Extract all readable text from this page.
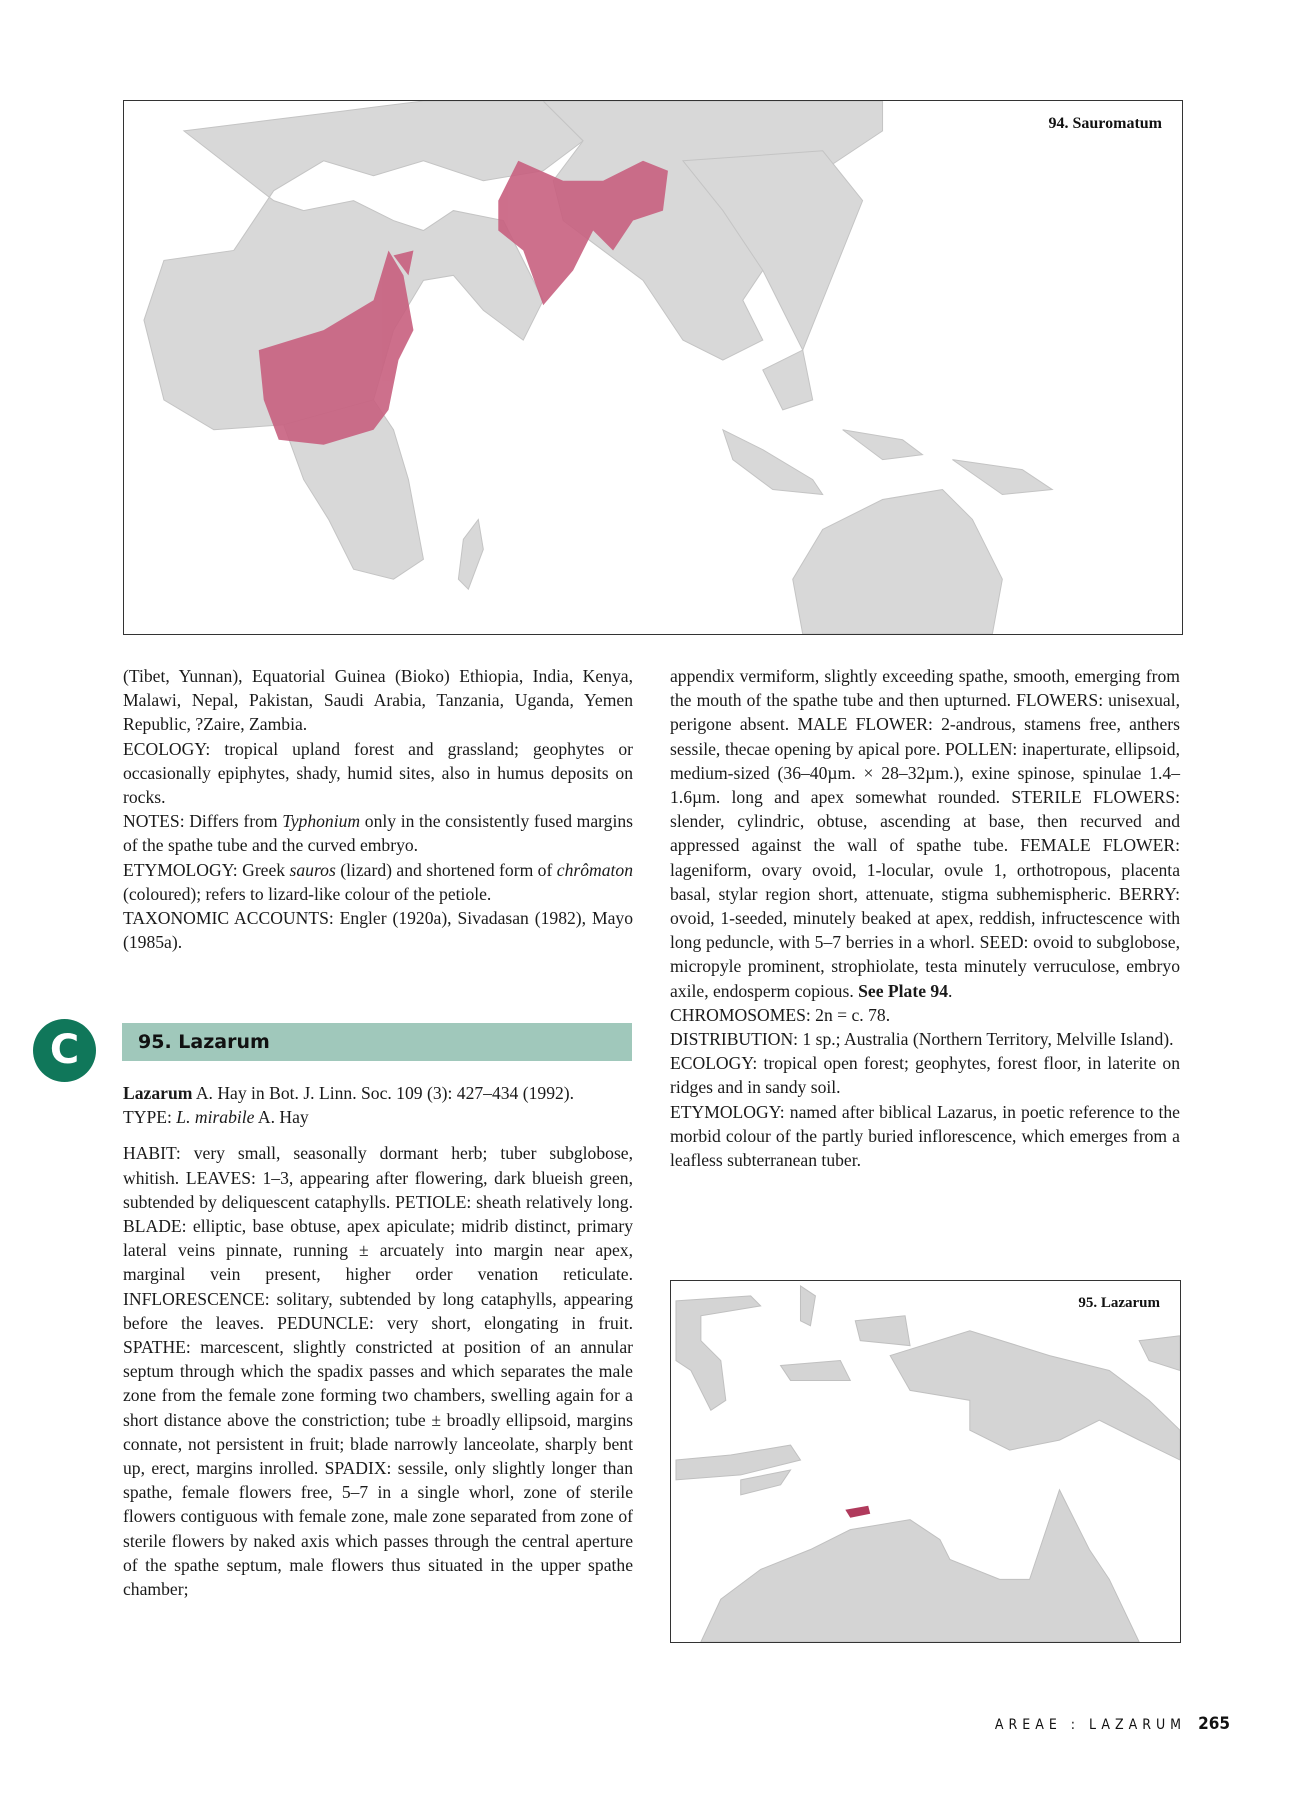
94. Sauromatum

(Tibet, Yunnan), Equatorial Guinea (Bioko) Ethiopia, India, Kenya, Malawi, Nepal, Pakistan, Saudi Arabia, Tanzania, Uganda, Yemen Republic, ?Zaire, Zambia.

ECOLOGY: tropical upland forest and grassland; geophytes or occasionally epiphytes, shady, humid sites, also in humus deposits on rocks.

NOTES: Differs from Typhonium only in the consistently fused margins of the spathe tube and the curved embryo.

ETYMOLOGY: Greek sauros (lizard) and shortened form of chrômaton (coloured); refers to lizard-like colour of the petiole.

TAXONOMIC ACCOUNTS: Engler (1920a), Sivadasan (1982), Mayo (1985a).

C	95. Lazarum

Lazarum A. Hay in Bot. J. Linn. Soc. 109 (3): 427–434 (1992).

TYPE: L. mirabile A. Hay

HABIT: very small, seasonally dormant herb; tuber subglobose, whitish. LEAVES: 1–3, appearing after flowering, dark blueish green, subtended by deliquescent cataphylls. PETIOLE: sheath relatively long. BLADE: elliptic, base obtuse, apex apiculate; midrib distinct, primary lateral veins pinnate, running ± arcuately into margin near apex, marginal vein present, higher order venation reticulate. INFLORESCENCE: solitary, subtended by long cataphylls, appearing before the leaves. PEDUNCLE: very short, elongating in fruit. SPATHE: marcescent, slightly constricted at position of an annular septum through which the spadix passes and which separates the male zone from the female zone forming two chambers, swelling again for a short distance above the constriction; tube ± broadly ellipsoid, margins connate, not persistent in fruit; blade narrowly lanceolate, sharply bent up, erect, margins inrolled. SPADIX: sessile, only slightly longer than spathe, female flowers free, 5–7 in a single whorl, zone of sterile flowers contiguous with female zone, male zone separated from zone of sterile flowers by naked axis which passes through the central aperture of the spathe septum, male flowers thus situated in the upper spathe chamber;

appendix vermiform, slightly exceeding spathe, smooth, emerging from the mouth of the spathe tube and then upturned. FLOWERS: unisexual, perigone absent. MALE FLOWER: 2-androus, stamens free, anthers sessile, thecae opening by apical pore. POLLEN: inaperturate, ellipsoid, medium-sized (36–40µm. × 28–32µm.), exine spinose, spinulae 1.4– 1.6µm. long and apex somewhat rounded. STERILE FLOWERS: slender, cylindric, obtuse, ascending at base, then recurved and appressed against the wall of spathe tube. FEMALE FLOWER: lageniform, ovary ovoid, 1-locular, ovule 1, orthotropous, placenta basal, stylar region short, attenuate, stigma subhemispheric. BERRY: ovoid, 1-seeded, minutely beaked at apex, reddish, infructescence with long peduncle, with 5–7 berries in a whorl. SEED: ovoid to subglobose, micropyle prominent, strophiolate, testa minutely verruculose, embryo axile, endosperm copious. See Plate 94.

CHROMOSOMES: 2n = c. 78.

DISTRIBUTION: 1 sp.; Australia (Northern Territory, Melville Island).

ECOLOGY: tropical open forest; geophytes, forest floor, in laterite on ridges and in sandy soil.

ETYMOLOGY: named after biblical Lazarus, in poetic reference to the morbid colour of the partly buried inflorescence, which emerges from a leafless subterranean tuber.

95. Lazarum
AREAE : LAZARUM 265
